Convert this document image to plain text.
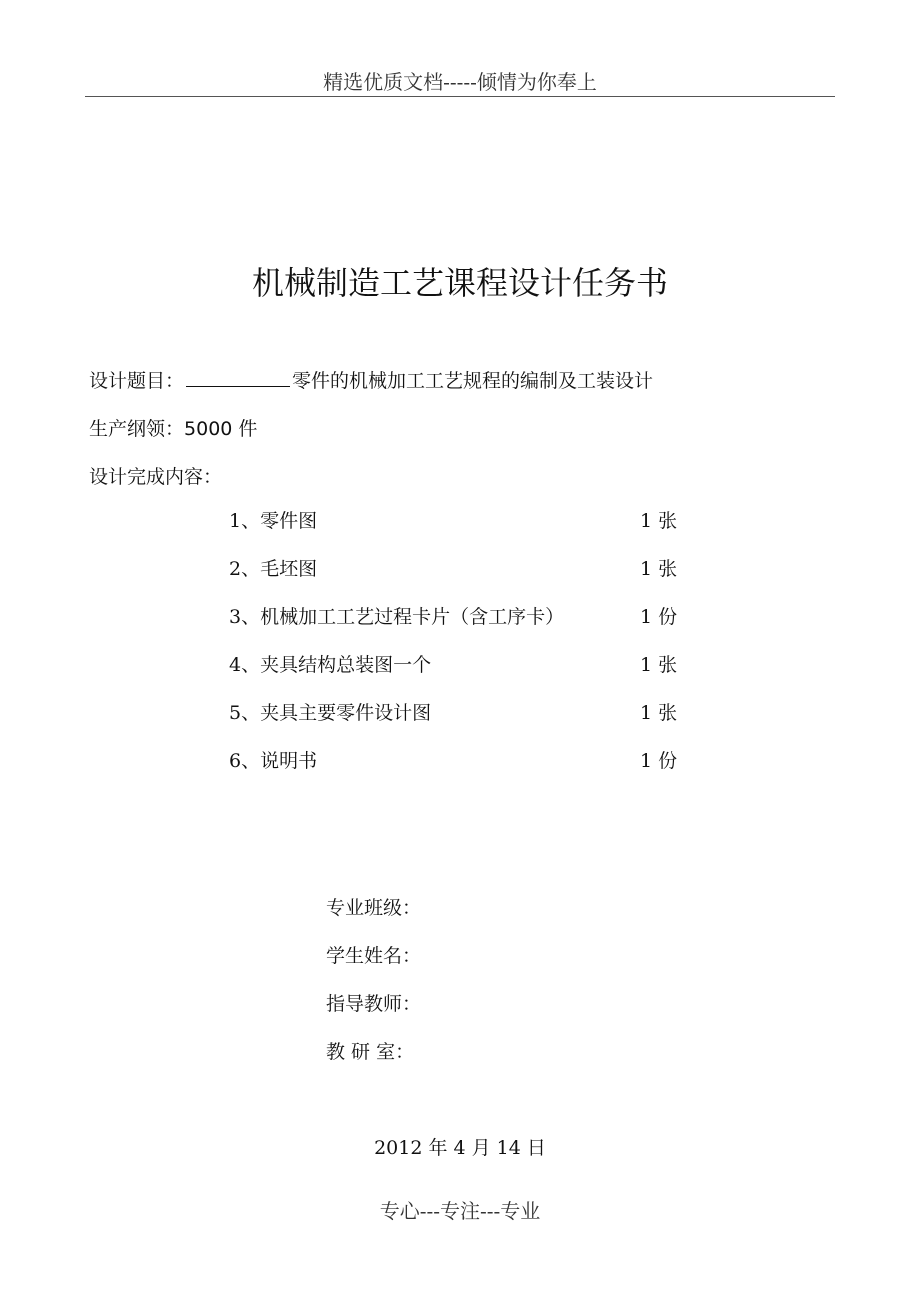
精选优质文档-----倾情为你奉上
机械制造工艺课程设计任务书
设计题目：	零件的机械加工工艺规程的编制及工装设计
生产纲领：5000 件
设计完成内容：
1、零件图	1 张
2、毛坯图	1 张
3、机械加工工艺过程卡片（含工序卡）	1 份
4、夹具结构总装图一个	1 张
5、夹具主要零件设计图	1 张
6、说明书	1 份
专业班级：
学生姓名：
指导教师：
教 研 室：
2012 年 4 月 14 日
专心---专注---专业
